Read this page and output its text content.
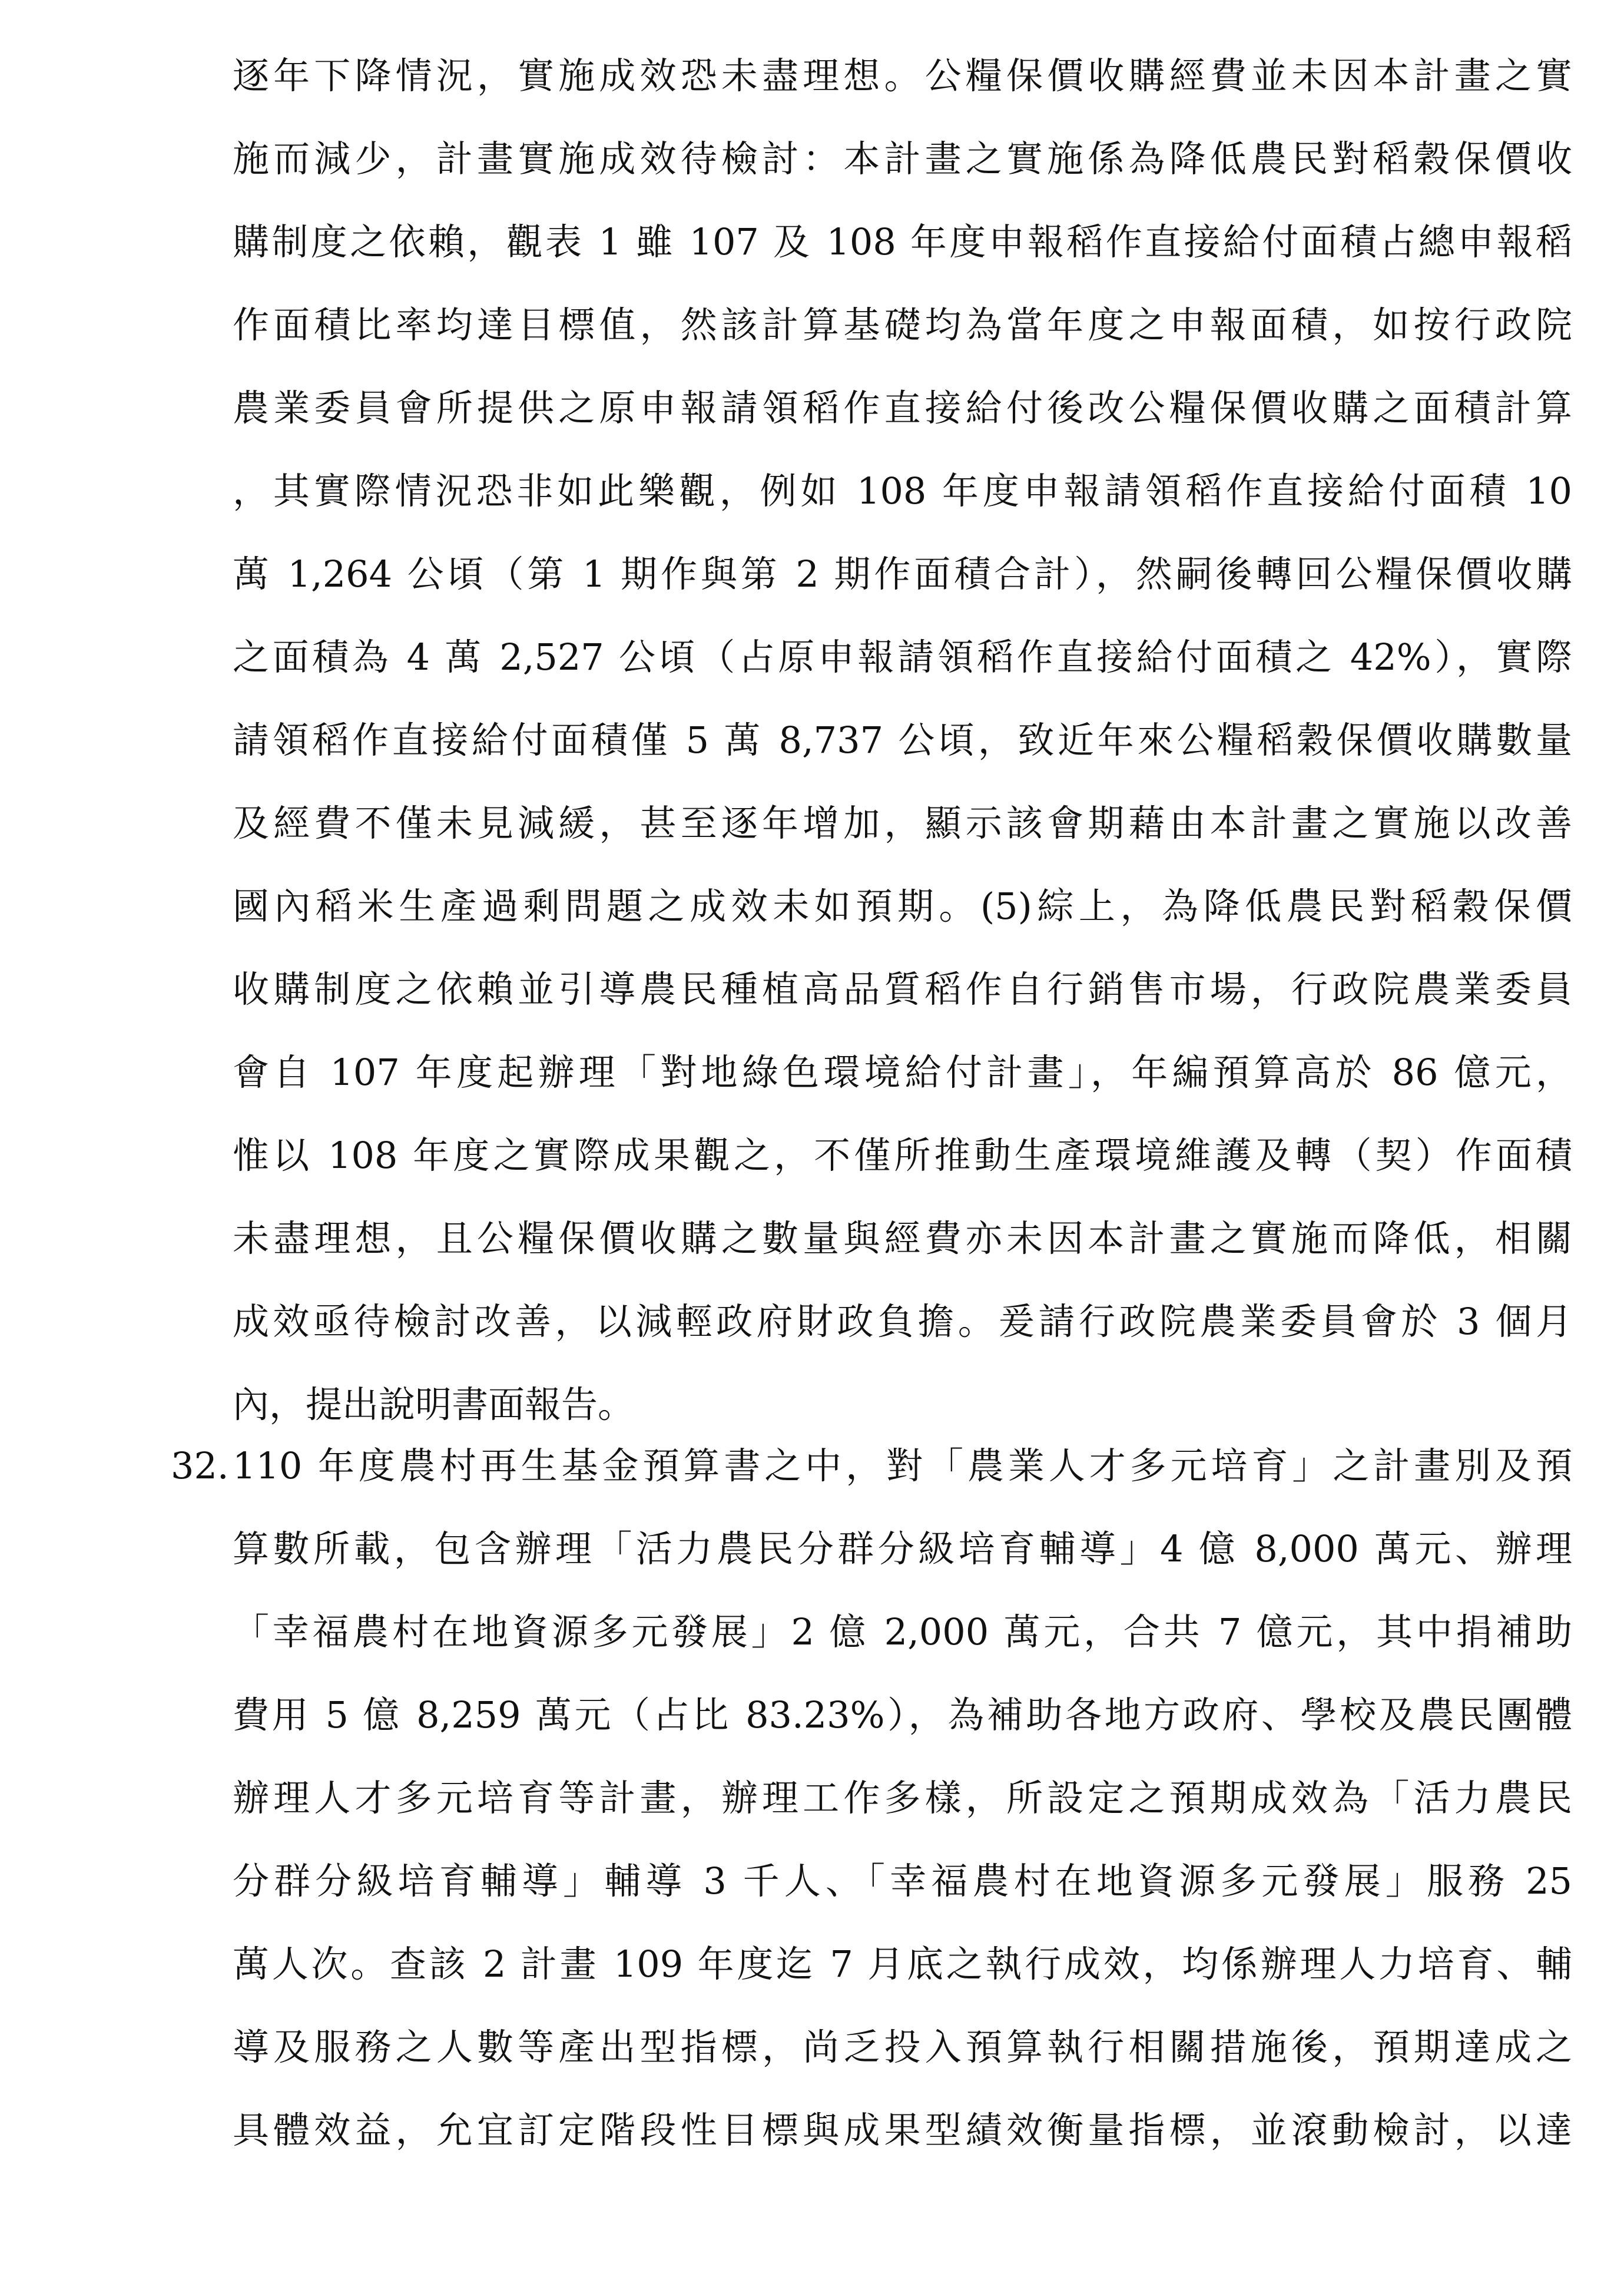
逐年下降情況，實施成效恐未盡理想。公糧保價收購經費並未因本計畫之實
施而減少，計畫實施成效待檢討：本計畫之實施係為降低農民對稻穀保價收
購制度之依賴，觀表 1 雖 107 及 108 年度申報稻作直接給付面積占總申報稻
作面積比率均達目標值，然該計算基礎均為當年度之申報面積，如按行政院
農業委員會所提供之原申報請領稻作直接給付後改公糧保價收購之面積計算
，其實際情況恐非如此樂觀，例如 108 年度申報請領稻作直接給付面積 10
萬 1,264 公頃（第 1 期作與第 2 期作面積合計），然嗣後轉回公糧保價收購
之面積為 4 萬 2,527 公頃（占原申報請領稻作直接給付面積之 42%），實際
請領稻作直接給付面積僅 5 萬 8,737 公頃，致近年來公糧稻穀保價收購數量
及經費不僅未見減緩，甚至逐年增加，顯示該會期藉由本計畫之實施以改善
國內稻米生產過剩問題之成效未如預期。(5)綜上，為降低農民對稻穀保價
收購制度之依賴並引導農民種植高品質稻作自行銷售市場，行政院農業委員
會自 107 年度起辦理「對地綠色環境給付計畫」，年編預算高於 86 億元，
惟以 108 年度之實際成果觀之，不僅所推動生產環境維護及轉（契）作面積
未盡理想，且公糧保價收購之數量與經費亦未因本計畫之實施而降低，相關
成效亟待檢討改善，以減輕政府財政負擔。爰請行政院農業委員會於 3 個月
內，提出說明書面報告。
32. 110 年度農村再生基金預算書之中，對「農業人才多元培育」之計畫別及預
算數所載，包含辦理「活力農民分群分級培育輔導」4 億 8,000 萬元、辦理
「幸福農村在地資源多元發展」2 億 2,000 萬元，合共 7 億元，其中捐補助
費用 5 億 8,259 萬元（占比 83.23%），為補助各地方政府、學校及農民團體
辦理人才多元培育等計畫，辦理工作多樣，所設定之預期成效為「活力農民
分群分級培育輔導」輔導 3 千人、「幸福農村在地資源多元發展」服務 25
萬人次。查該 2 計畫 109 年度迄 7 月底之執行成效，均係辦理人力培育、輔
導及服務之人數等產出型指標，尚乏投入預算執行相關措施後，預期達成之
具體效益，允宜訂定階段性目標與成果型績效衡量指標，並滾動檢討，以達
